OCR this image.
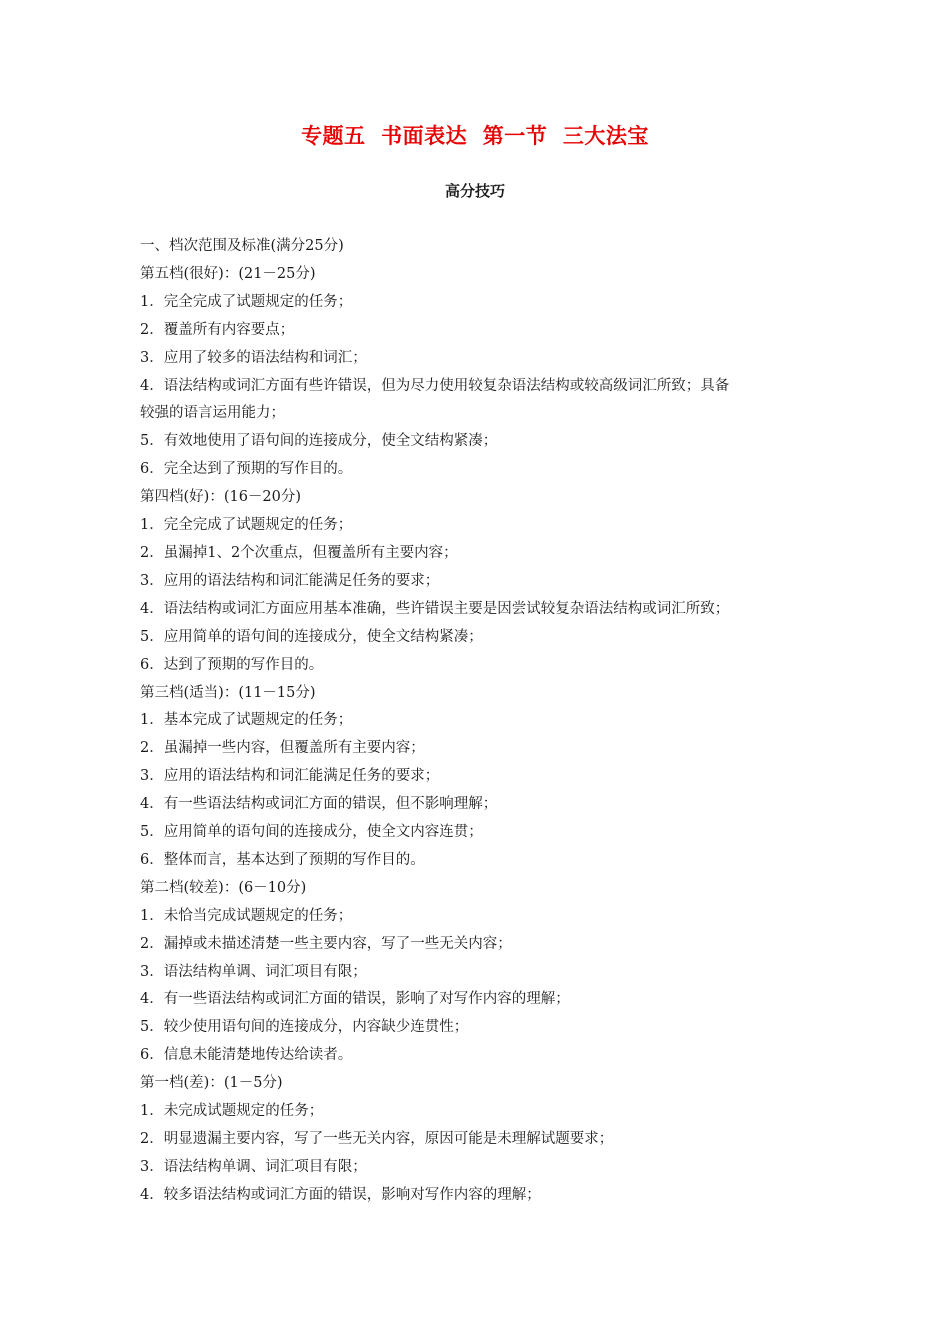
专题五  书面表达  第一节  三大法宝
高分技巧
一、档次范围及标准(满分25分)
第五档(很好)：(21－25分)
1．完全完成了试题规定的任务；
2．覆盖所有内容要点；
3．应用了较多的语法结构和词汇；
4．语法结构或词汇方面有些许错误，但为尽力使用较复杂语法结构或较高级词汇所致；具备
较强的语言运用能力；
5．有效地使用了语句间的连接成分，使全文结构紧凑；
6．完全达到了预期的写作目的。
第四档(好)：(16－20分)
1．完全完成了试题规定的任务；
2．虽漏掉1、2个次重点，但覆盖所有主要内容；
3．应用的语法结构和词汇能满足任务的要求；
4．语法结构或词汇方面应用基本准确，些许错误主要是因尝试较复杂语法结构或词汇所致；
5．应用简单的语句间的连接成分，使全文结构紧凑；
6．达到了预期的写作目的。
第三档(适当)：(11－15分)
1．基本完成了试题规定的任务；
2．虽漏掉一些内容，但覆盖所有主要内容；
3．应用的语法结构和词汇能满足任务的要求；
4．有一些语法结构或词汇方面的错误，但不影响理解；
5．应用简单的语句间的连接成分，使全文内容连贯；
6．整体而言，基本达到了预期的写作目的。
第二档(较差)：(6－10分)
1．未恰当完成试题规定的任务；
2．漏掉或未描述清楚一些主要内容，写了一些无关内容；
3．语法结构单调、词汇项目有限；
4．有一些语法结构或词汇方面的错误，影响了对写作内容的理解；
5．较少使用语句间的连接成分，内容缺少连贯性；
6．信息未能清楚地传达给读者。
第一档(差)：(1－5分)
1．未完成试题规定的任务；
2．明显遗漏主要内容，写了一些无关内容，原因可能是未理解试题要求；
3．语法结构单调、词汇项目有限；
4．较多语法结构或词汇方面的错误，影响对写作内容的理解；
